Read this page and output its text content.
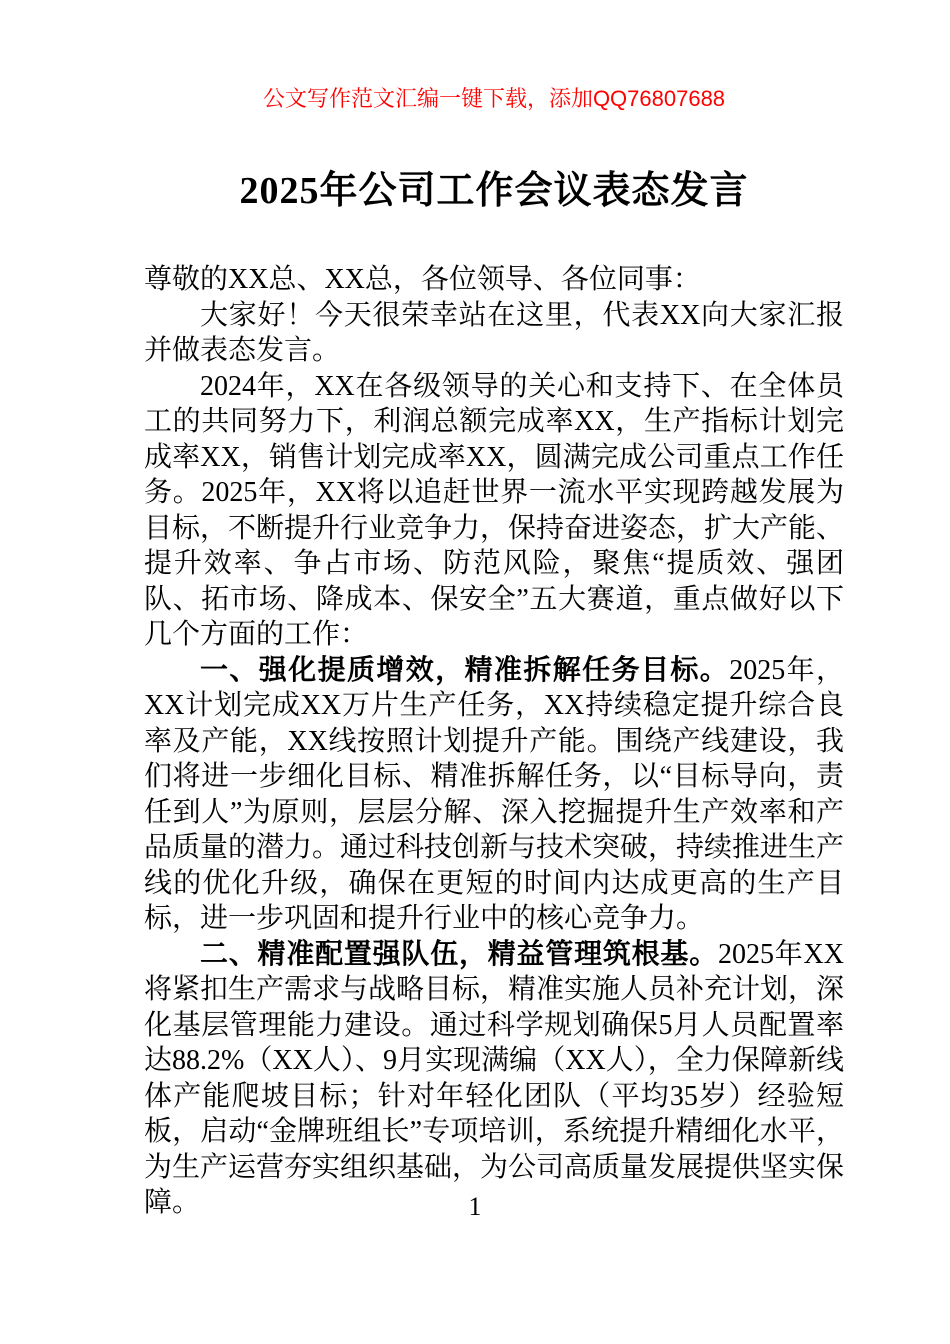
公文写作范文汇编一键下载，添加QQ76807688
2025年公司工作会议表态发言

尊敬的XX总、XX总，各位领导、各位同事：

大家好！今天很荣幸站在这里，代表XX向大家汇报并做表态发言。

2024年，XX在各级领导的关心和支持下、在全体员工的共同努力下，利润总额完成率XX，生产指标计划完成率XX，销售计划完成率XX，圆满完成公司重点工作任务。2025年，XX将以追赶世界一流水平实现跨越发展为目标，不断提升行业竞争力，保持奋进姿态，扩大产能、提升效率、争占市场、防范风险，聚焦“提质效、强团队、拓市场、降成本、保安全”五大赛道，重点做好以下几个方面的工作：

一、强化提质增效，精准拆解任务目标。2025年，XX计划完成XX万片生产任务，XX持续稳定提升综合良率及产能，XX线按照计划提升产能。围绕产线建设，我们将进一步细化目标、精准拆解任务，以“目标导向，责任到人”为原则，层层分解、深入挖掘提升生产效率和产品质量的潜力。通过科技创新与技术突破，持续推进生产线的优化升级，确保在更短的时间内达成更高的生产目标，进一步巩固和提升行业中的核心竞争力。

二、精准配置强队伍，精益管理筑根基。2025年XX将紧扣生产需求与战略目标，精准实施人员补充计划，深化基层管理能力建设。通过科学规划确保5月人员配置率达88.2%（XX人）、9月实现满编（XX人），全力保障新线体产能爬坡目标；针对年轻化团队（平均35岁）经验短板，启动“金牌班组长”专项培训，系统提升精细化水平，为生产运营夯实组织基础，为公司高质量发展提供坚实保障。	1
